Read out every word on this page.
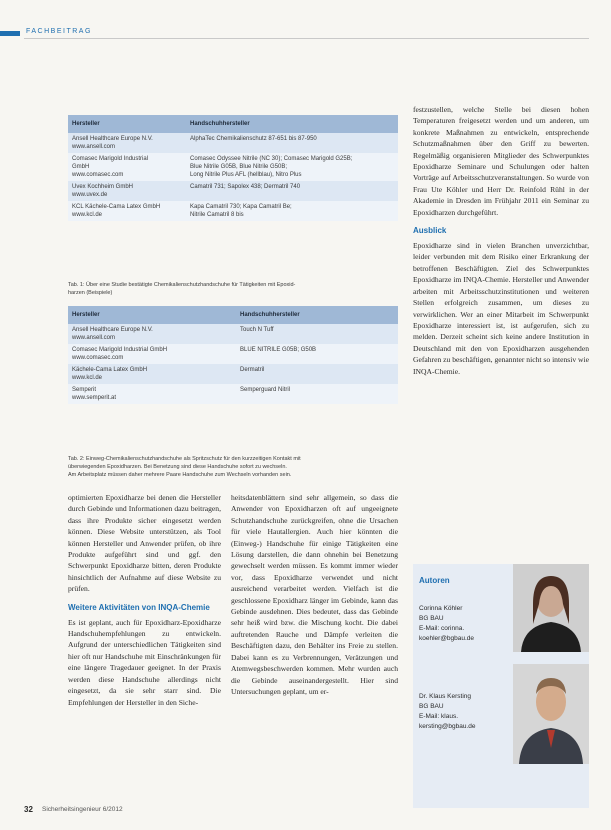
FACHBEITRAG
Hersteller	Handschuhhersteller
Ansell Healthcare Europe N.V.
www.ansell.com	AlphaTec Chemikalienschutz 87-651 bis 87-950
Comasec Marigold Industrial
GmbH
www.comasec.com	Comasec Odyssee Nitrile (NC 30); Comasec Marigold G25B;
Blue Nitrile G05B, Blue Nitrile G50B;
Long Nitrile Plus AFL (hellblau), Nitro Plus
Uvex Kochheim GmbH
www.uvex.de	Camatril 731; Sapolex 438; Dermatril 740
KCL Kächele-Cama Latex GmbH
www.kcl.de	Kapa Camatril 730; Kapa Camatril Be;
Nitrile Camatril 8 bis
Tab. 1: Über eine Studie bestätigte Chemikalienschutzhandschuhe für Tätigkeiten mit Epoxid-
harzen (Beispiele)
Hersteller	Handschuhhersteller
Ansell Healthcare Europe N.V.
www.ansell.com	Touch N Tuff
Comasec Marigold Industrial GmbH
www.comasec.com	BLUE NITRILE G05B; G50B
Kächele-Cama Latex GmbH
www.kcl.de	Dermatril
Semperit
www.semperit.at	Semperguard Nitril
Tab. 2: Einweg-Chemikalienschutzhandschuhe als Spritzschutz für den kurzzeitigen Kontakt mit
überwiegenden Epoxidharzen. Bei Benetzung sind diese Handschuhe sofort zu wechseln.
Am Arbeitsplatz müssen daher mehrere Paare Handschuhe zum Wechseln vorhanden sein.

optimierten Epoxidharze bei denen die Hersteller durch Gebinde und Informationen dazu beitragen, dass ihre Produkte sicher eingesetzt werden können. Diese Website unterstützen, als Tool können Hersteller und Anwender prüfen, ob ihre Produkte aufgeführt sind und ggf. den Schwerpunkt Epoxidharze bitten, deren Produkte hinsichtlich der Aufnahme auf diese Website zu prüfen.

Weitere Aktivitäten von INQA-Chemie

Es ist geplant, auch für Epoxidharz-Epoxidharze Handschuhempfehlungen zu entwickeln. Aufgrund der unterschiedlichen Tätigkeiten sind hier oft nur Handschuhe mit Einschränkungen für eine längere Tragedauer geeignet. In der Praxis werden diese Handschuhe allerdings nicht eingesetzt, da sie sehr starr sind. Die Empfehlungen der Hersteller in den Siche-

heitsdatenblättern sind sehr allgemein, so dass die Anwender von Epoxidharzen oft auf ungeeignete Schutzhandschuhe zurückgreifen, ohne die Ursachen für viele Hautallergien. Auch hier könnten die (Einweg-) Handschuhe für einige Tätigkeiten eine Lösung darstellen, die dann ohnehin bei Benetzung gewechselt werden müssen. Es kommt immer wieder vor, dass Epoxidharze verwendet und nicht ausreichend verarbeitet werden. Vielfach ist die geschlossene Epoxidharz länger im Gebinde, kann das Gebinde ausdehnen. Dies bedeutet, dass das Gebinde sehr heiß wird bzw. die Mischung kocht. Die dabei auftretenden Rauche und Dämpfe verleiten die Beschäftigten dazu, den Behälter ins Freie zu stellen. Dabei kann es zu Verbrennungen, Verätzungen und Atemwegsbeschwerden kommen. Mehr wurden auch die Gebinde auseinandergestellt. Hier sind Untersuchungen geplant, um er-

festzustellen, welche Stelle bei diesen hohen Temperaturen freigesetzt werden und um anderen, um konkrete Maßnahmen zu entwickeln, entsprechende Schutzmaßnahmen über den Griff zu bewerten. Regelmäßig organisieren Mitglieder des Schwerpunktes Epoxidharze Seminare und Schulungen oder halten Vorträge auf Arbeitsschutzveranstaltungen. So wurde von Frau Ute Köhler und Herr Dr. Reinfold Rühl in der Akademie in Dresden im Frühjahr 2011 ein Seminar zu Epoxidharzen durchgeführt.

Ausblick

Epoxidharze sind in vielen Branchen unverzichtbar, leider verbunden mit dem Risiko einer Erkrankung der betroffenen Beschäftigten. Ziel des Schwerpunktes Epoxidharze im INQA-Chemie. Hersteller und Anwender arbeiten mit Arbeitsschutzinstitutionen und weiteren Stellen erfolgreich zusammen, um dieses zu verwirklichen. Wer an einer Mitarbeit im Schwerpunkt Epoxidharze interessiert ist, ist aufgerufen, sich zu melden. Derzeit scheint sich keine andere Institution in Deutschland mit den von Epoxidharzen ausgehenden Gefahren zu beschäftigen, genannter nicht so intensiv wie INQA-Chemie.

Autoren
Corinna Köhler
BG BAU
E-Mail: corinna.
koehler@bgbau.de
Dr. Klaus Kersting
BG BAU
E-Mail: klaus.
kersting@bgbau.de
32 Sicherheitsingenieur 6/2012
